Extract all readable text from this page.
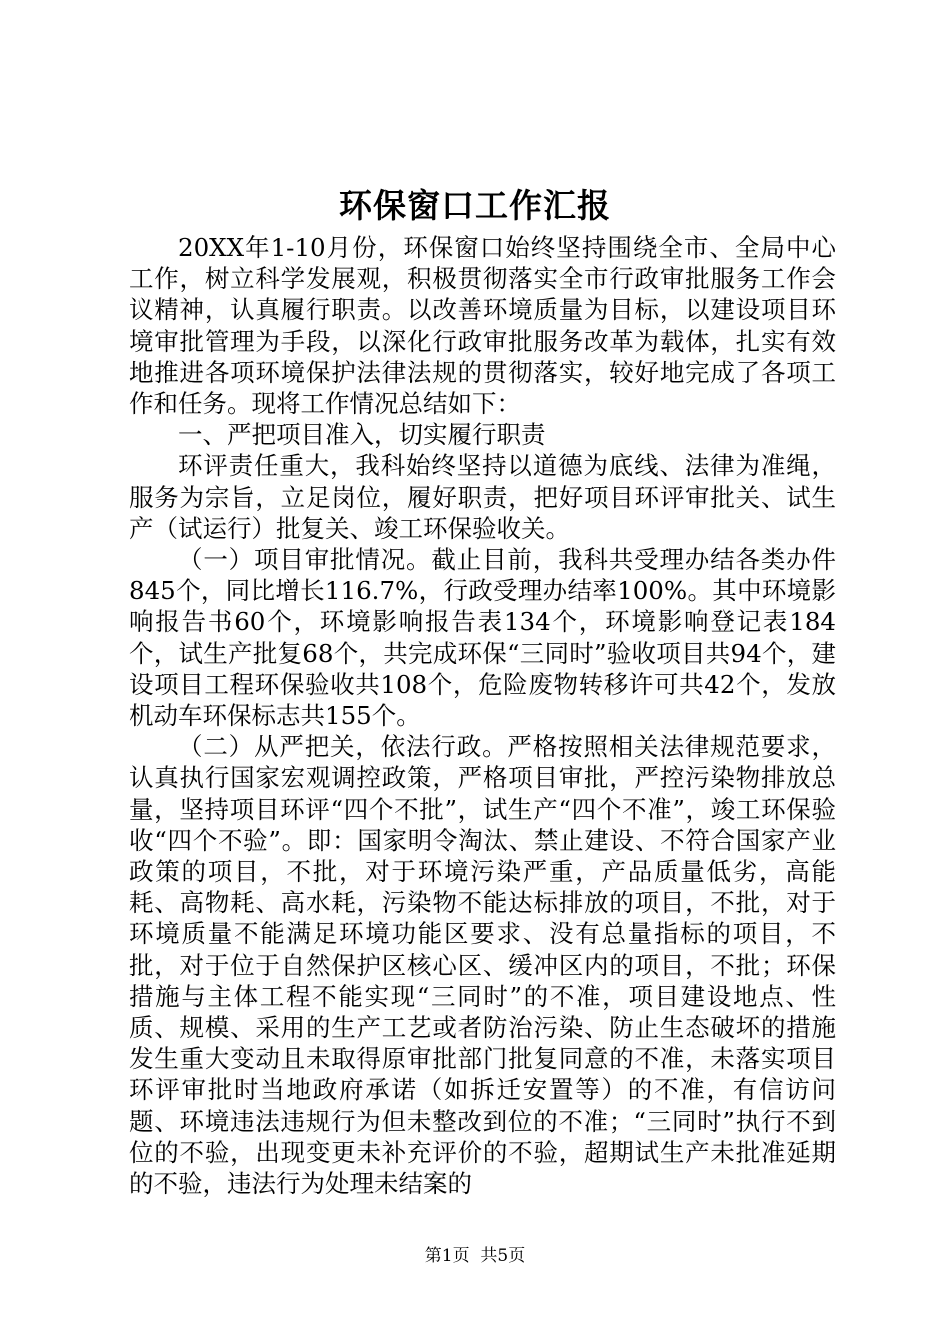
环保窗口工作汇报

20XX年1-10月份，环保窗口始终坚持围绕全市、全局中心工作，树立科学发展观，积极贯彻落实全市行政审批服务工作会议精神，认真履行职责。以改善环境质量为目标，以建设项目环境审批管理为手段，以深化行政审批服务改革为载体，扎实有效地推进各项环境保护法律法规的贯彻落实，较好地完成了各项工作和任务。现将工作情况总结如下：

一、严把项目准入，切实履行职责

环评责任重大，我科始终坚持以道德为底线、法律为准绳，服务为宗旨，立足岗位，履好职责，把好项目环评审批关、试生产（试运行）批复关、竣工环保验收关。

（一）项目审批情况。截止目前，我科共受理办结各类办件845个，同比增长116.7%，行政受理办结率100%。其中环境影响报告书60个，环境影响报告表134个，环境影响登记表184个，试生产批复68个，共完成环保“三同时”验收项目共94个，建设项目工程环保验收共108个，危险废物转移许可共42个，发放机动车环保标志共155个。

（二）从严把关，依法行政。严格按照相关法律规范要求，认真执行国家宏观调控政策，严格项目审批，严控污染物排放总量，坚持项目环评“四个不批”，试生产“四个不准”，竣工环保验收“四个不验”。即：国家明令淘汰、禁止建设、不符合国家产业政策的项目，不批，对于环境污染严重，产品质量低劣，高能耗、高物耗、高水耗，污染物不能达标排放的项目，不批，对于环境质量不能满足环境功能区要求、没有总量指标的项目，不批，对于位于自然保护区核心区、缓冲区内的项目，不批；环保措施与主体工程不能实现“三同时”的不准，项目建设地点、性质、规模、采用的生产工艺或者防治污染、防止生态破坏的措施发生重大变动且未取得原审批部门批复同意的不准，未落实项目环评审批时当地政府承诺（如拆迁安置等）的不准，有信访问题、环境违法违规行为但未整改到位的不准；“三同时”执行不到位的不验，出现变更未补充评价的不验，超期试生产未批准延期的不验，违法行为处理未结案的

第1页  共5页
